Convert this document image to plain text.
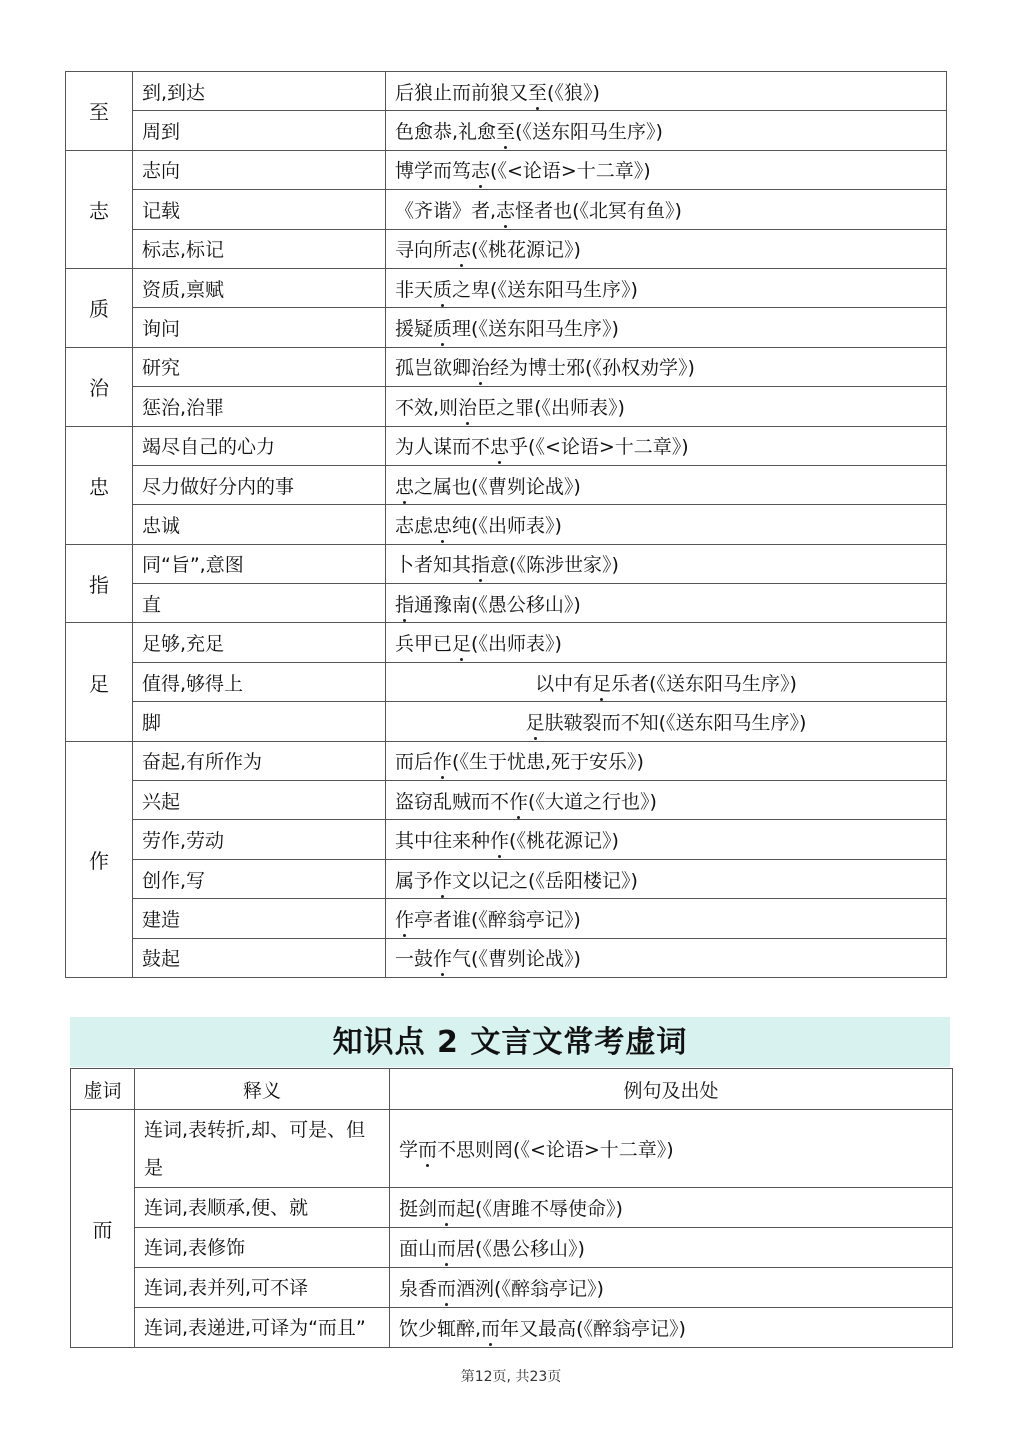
至	到,到达	后狼止而前狼又至(《狼》)
	周到	色愈恭,礼愈至(《送东阳马生序》)
志	志向	博学而笃志(《<论语>十二章》)
	记载	《齐谐》者,志怪者也(《北冥有鱼》)
	标志,标记	寻向所志(《桃花源记》)
质	资质,禀赋	非天质之卑(《送东阳马生序》)
	询问	援疑质理(《送东阳马生序》)
治	研究	孤岂欲卿治经为博士邪(《孙权劝学》)
	惩治,治罪	不效,则治臣之罪(《出师表》)
忠	竭尽自己的心力	为人谋而不忠乎(《<论语>十二章》)
	尽力做好分内的事	忠之属也(《曹刿论战》)
	忠诚	志虑忠纯(《出师表》)
指	同“旨”,意图	卜者知其指意(《陈涉世家》)
	直	指通豫南(《愚公移山》)
足	足够,充足	兵甲已足(《出师表》)
	值得,够得上	以中有足乐者(《送东阳马生序》)
	脚	足肤皲裂而不知(《送东阳马生序》)
作	奋起,有所作为	而后作(《生于忧患,死于安乐》)
	兴起	盗窃乱贼而不作(《大道之行也》)
	劳作,劳动	其中往来种作(《桃花源记》)
	创作,写	属予作文以记之(《岳阳楼记》)
	建造	作亭者谁(《醉翁亭记》)
	鼓起	一鼓作气(《曹刿论战》)
知识点 2 文言文常考虚词
虚词	释义	例句及出处
而	连词,表转折,却、可是、但是	学而不思则罔(《<论语>十二章》)
	连词,表顺承,便、就	挺剑而起(《唐雎不辱使命》)
	连词,表修饰	面山而居(《愚公移山》)
	连词,表并列,可不译	泉香而酒洌(《醉翁亭记》)
	连词,表递进,可译为“而且”	饮少辄醉,而年又最高(《醉翁亭记》)
第12页, 共23页
